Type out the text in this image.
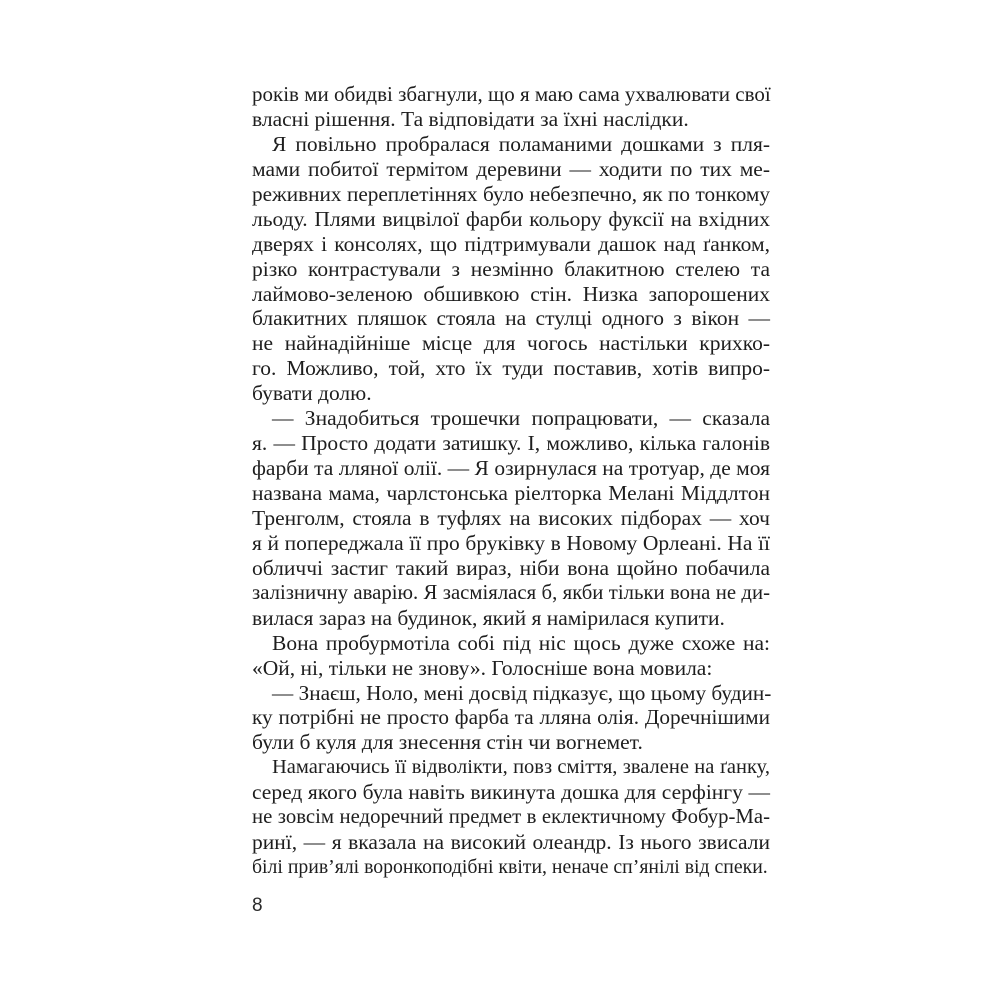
років ми обидві збагнули, що я маю сама ухвалювати свої
власні рішення. Та відповідати за їхні наслідки.
Я повільно пробралася поламаними дошками з пля-
мами побитої термітом деревини — ходити по тих ме-
реживних переплетіннях було небезпечно, як по тонкому
льоду. Плями вицвілої фарби кольору фуксії на вхідних
дверях і консолях, що підтримували дашок над ґанком,
різко контрастували з незмінно блакитною стелею та
лаймово-зеленою обшивкою стін. Низка запорошених
блакитних пляшок стояла на стулці одного з вікон —
не найнадійніше місце для чогось настільки крихко-
го. Можливо, той, хто їх туди поставив, хотів випро-
бувати долю.
— Знадобиться трошечки попрацювати, — сказала
я. — Просто додати затишку. І, можливо, кілька галонів
фарби та лляної олії. — Я озирнулася на тротуар, де моя
названа мама, чарлстонська ріелторка Мелані Міддлтон
Тренголм, стояла в туфлях на високих підборах — хоч
я й попереджала її про бруківку в Новому Орлеані. На її
обличчі застиг такий вираз, ніби вона щойно побачила
залізничну аварію. Я засміялася б, якби тільки вона не ди-
вилася зараз на будинок, який я намірилася купити.
Вона пробурмотіла собі під ніс щось дуже схоже на:
«Ой, ні, тільки не знову». Голосніше вона мовила:
— Знаєш, Ноло, мені досвід підказує, що цьому будин-
ку потрібні не просто фарба та лляна олія. Доречнішими
були б куля для знесення стін чи вогнемет.
Намагаючись її відволікти, повз сміття, звалене на ґанку,
серед якого була навіть викинута дошка для серфінгу —
не зовсім недоречний предмет в еклектичному Фобур-Ма-
ринї, — я вказала на високий олеандр. Із нього звисали
білі прив’ялі воронкоподібні квіти, неначе сп’янілі від спеки.
8
